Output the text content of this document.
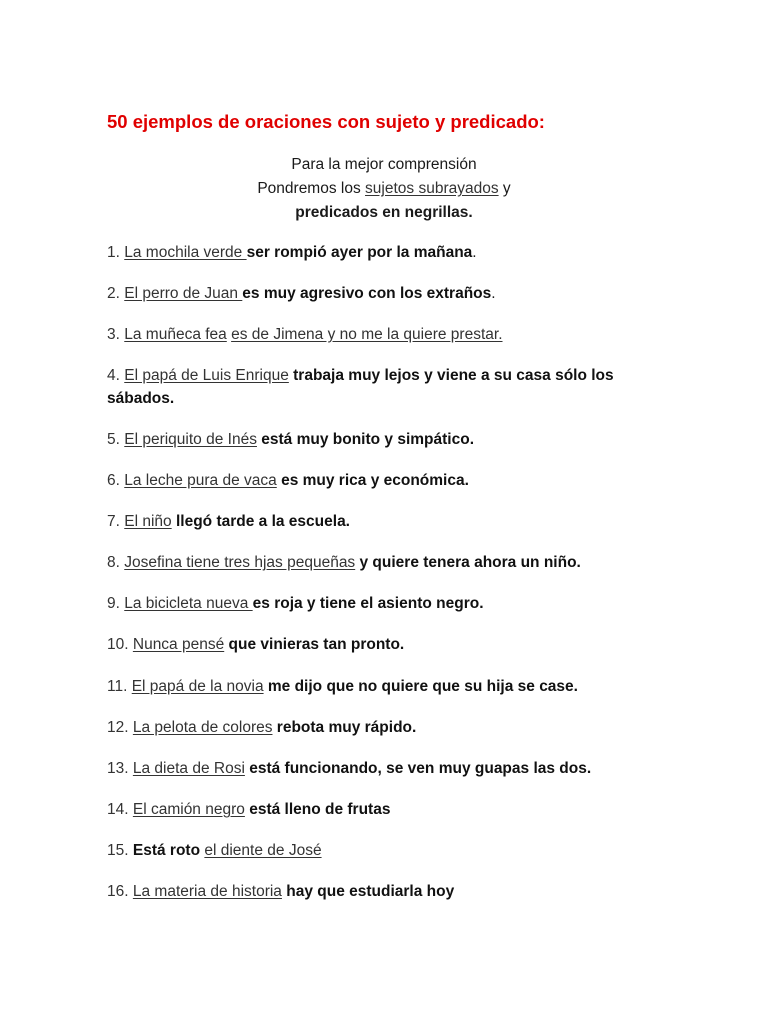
50 ejemplos de oraciones con sujeto y predicado:
Para la mejor comprensión
Pondremos los sujetos subrayados y
predicados en negrillas.
1. La mochila verde ser rompió ayer por la mañana.
2. El perro de Juan es muy agresivo con los extraños.
3. La muñeca fea es de Jimena y no me la quiere prestar.
4. El papá de Luis Enrique trabaja muy lejos y viene a su casa sólo los sábados.
5. El periquito de Inés está muy bonito y simpático.
6. La leche pura de vaca es muy rica y económica.
7. El niño llegó tarde a la escuela.
8. Josefina tiene tres hjas pequeñas y quiere tenera ahora un niño.
9. La bicicleta nueva es roja y tiene el asiento negro.
10. Nunca pensé que vinieras tan pronto.
11. El papá de la novia me dijo que no quiere que su hija se case.
12. La pelota de colores rebota muy rápido.
13. La dieta de Rosi está funcionando, se ven muy guapas las dos.
14. El camión negro está lleno de frutas
15. Está roto el diente de José
16. La materia de historia hay que estudiarla hoy
